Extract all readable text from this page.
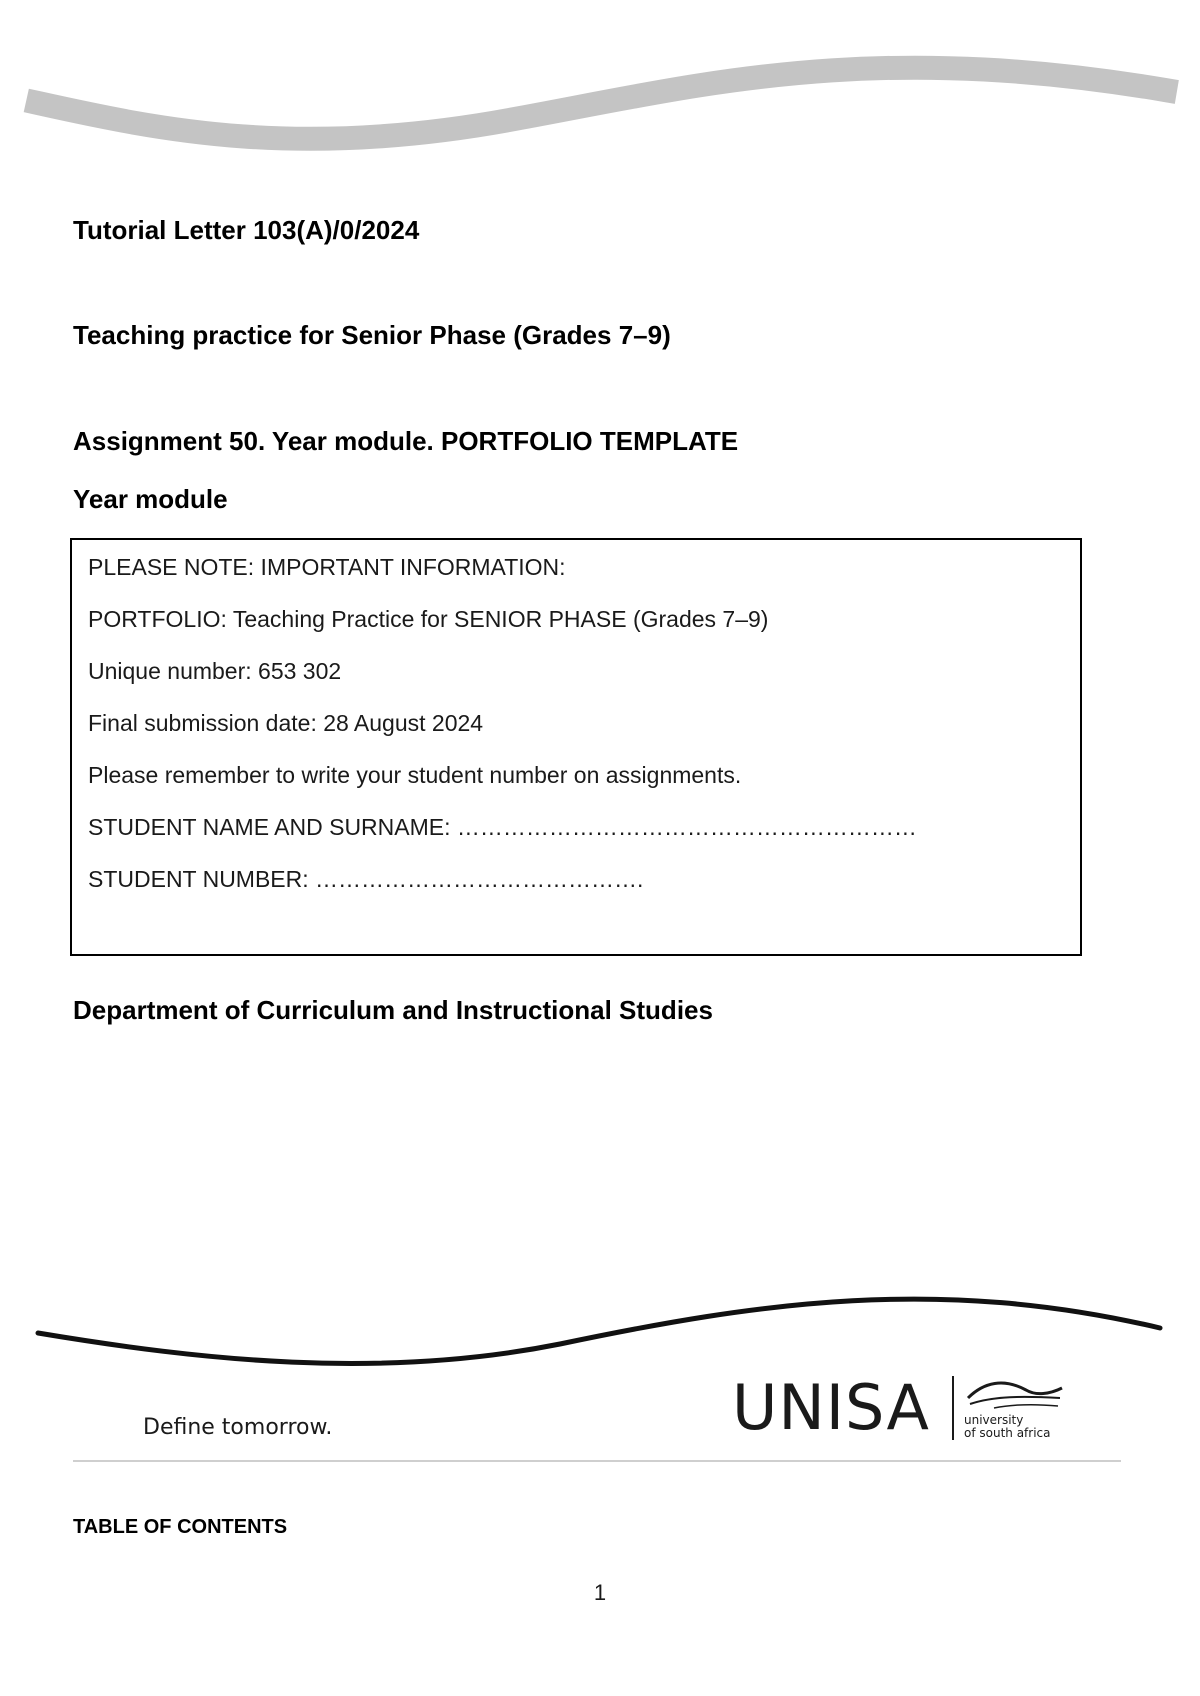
Tutorial Letter 103(A)/0/2024
Teaching practice for Senior Phase (Grades 7–9)
Assignment 50. Year module. PORTFOLIO TEMPLATE
Year module

PLEASE NOTE: IMPORTANT INFORMATION:

PORTFOLIO: Teaching Practice for SENIOR PHASE (Grades 7–9)

Unique number: 653 302

Final submission date: 28 August 2024

Please remember to write your student number on assignments.

STUDENT NAME AND SURNAME: ……………………………………………………

STUDENT NUMBER: …………………………………….

Department of Curriculum and Instructional Studies
Define tomorrow.	UNISA	university
of south africa
TABLE OF CONTENTS
1
